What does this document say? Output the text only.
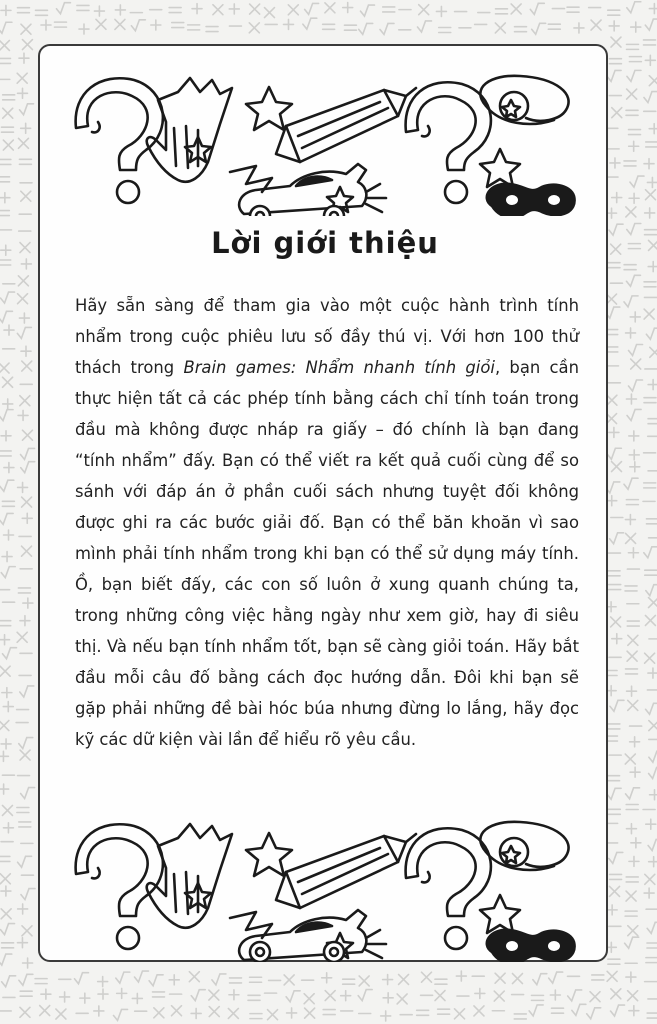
Lời giới thiệu

Hãy sẵn sàng để tham gia vào một cuộc hành trình tính nhẩm trong cuộc phiêu lưu số đầy thú vị. Với hơn 100 thử thách trong Brain games: Nhẩm nhanh tính giỏi, bạn cần thực hiện tất cả các phép tính bằng cách chỉ tính toán trong đầu mà không được nháp ra giấy – đó chính là bạn đang “tính nhẩm” đấy. Bạn có thể viết ra kết quả cuối cùng để so sánh với đáp án ở phần cuối sách nhưng tuyệt đối không được ghi ra các bước giải đố. Bạn có thể băn khoăn vì sao mình phải tính nhẩm trong khi bạn có thể sử dụng máy tính. Ồ, bạn biết đấy, các con số luôn ở xung quanh chúng ta, trong những công việc hằng ngày như xem giờ, hay đi siêu thị. Và nếu bạn tính nhẩm tốt, bạn sẽ càng giỏi toán. Hãy bắt đầu mỗi câu đố bằng cách đọc hướng dẫn. Đôi khi bạn sẽ gặp phải những đề bài hóc búa nhưng đừng lo lắng, hãy đọc kỹ các dữ kiện vài lần để hiểu rõ yêu cầu.
